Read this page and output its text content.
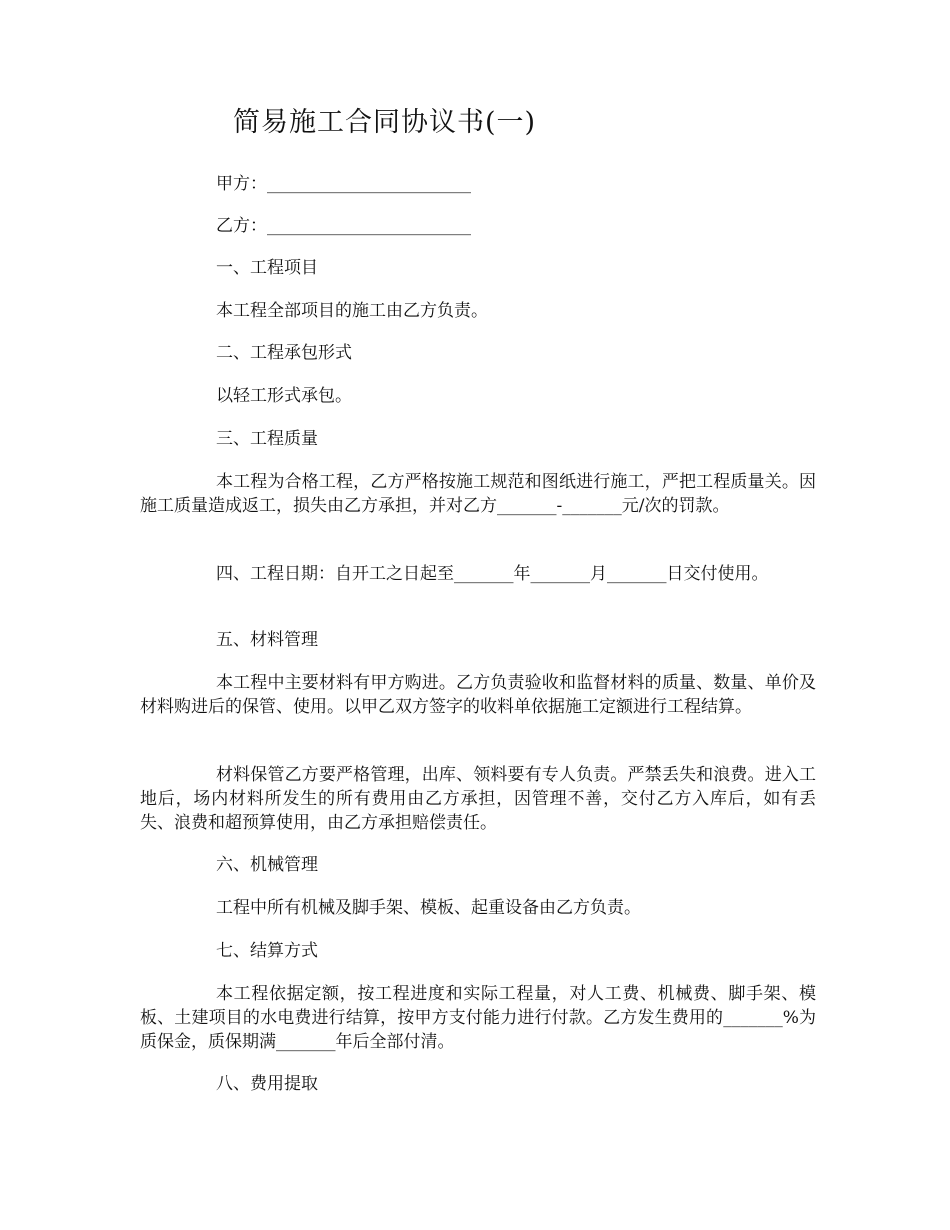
简易施工合同协议书(一)

甲方：________________________

乙方：________________________

一、工程项目

本工程全部项目的施工由乙方负责。

二、工程承包形式

以轻工形式承包。

三、工程质量

本工程为合格工程，乙方严格按施工规范和图纸进行施工，严把工程质量关。因施工质量造成返工，损失由乙方承担，并对乙方_______-_______元/次的罚款。

四、工程日期：自开工之日起至_______年_______月_______日交付使用。

五、材料管理

本工程中主要材料有甲方购进。乙方负责验收和监督材料的质量、数量、单价及材料购进后的保管、使用。以甲乙双方签字的收料单依据施工定额进行工程结算。

材料保管乙方要严格管理，出库、领料要有专人负责。严禁丢失和浪费。进入工地后，场内材料所发生的所有费用由乙方承担，因管理不善，交付乙方入库后，如有丢失、浪费和超预算使用，由乙方承担赔偿责任。

六、机械管理

工程中所有机械及脚手架、模板、起重设备由乙方负责。

七、结算方式

本工程依据定额，按工程进度和实际工程量，对人工费、机械费、脚手架、模板、土建项目的水电费进行结算，按甲方支付能力进行付款。乙方发生费用的_______%为质保金，质保期满_______年后全部付清。

八、费用提取
